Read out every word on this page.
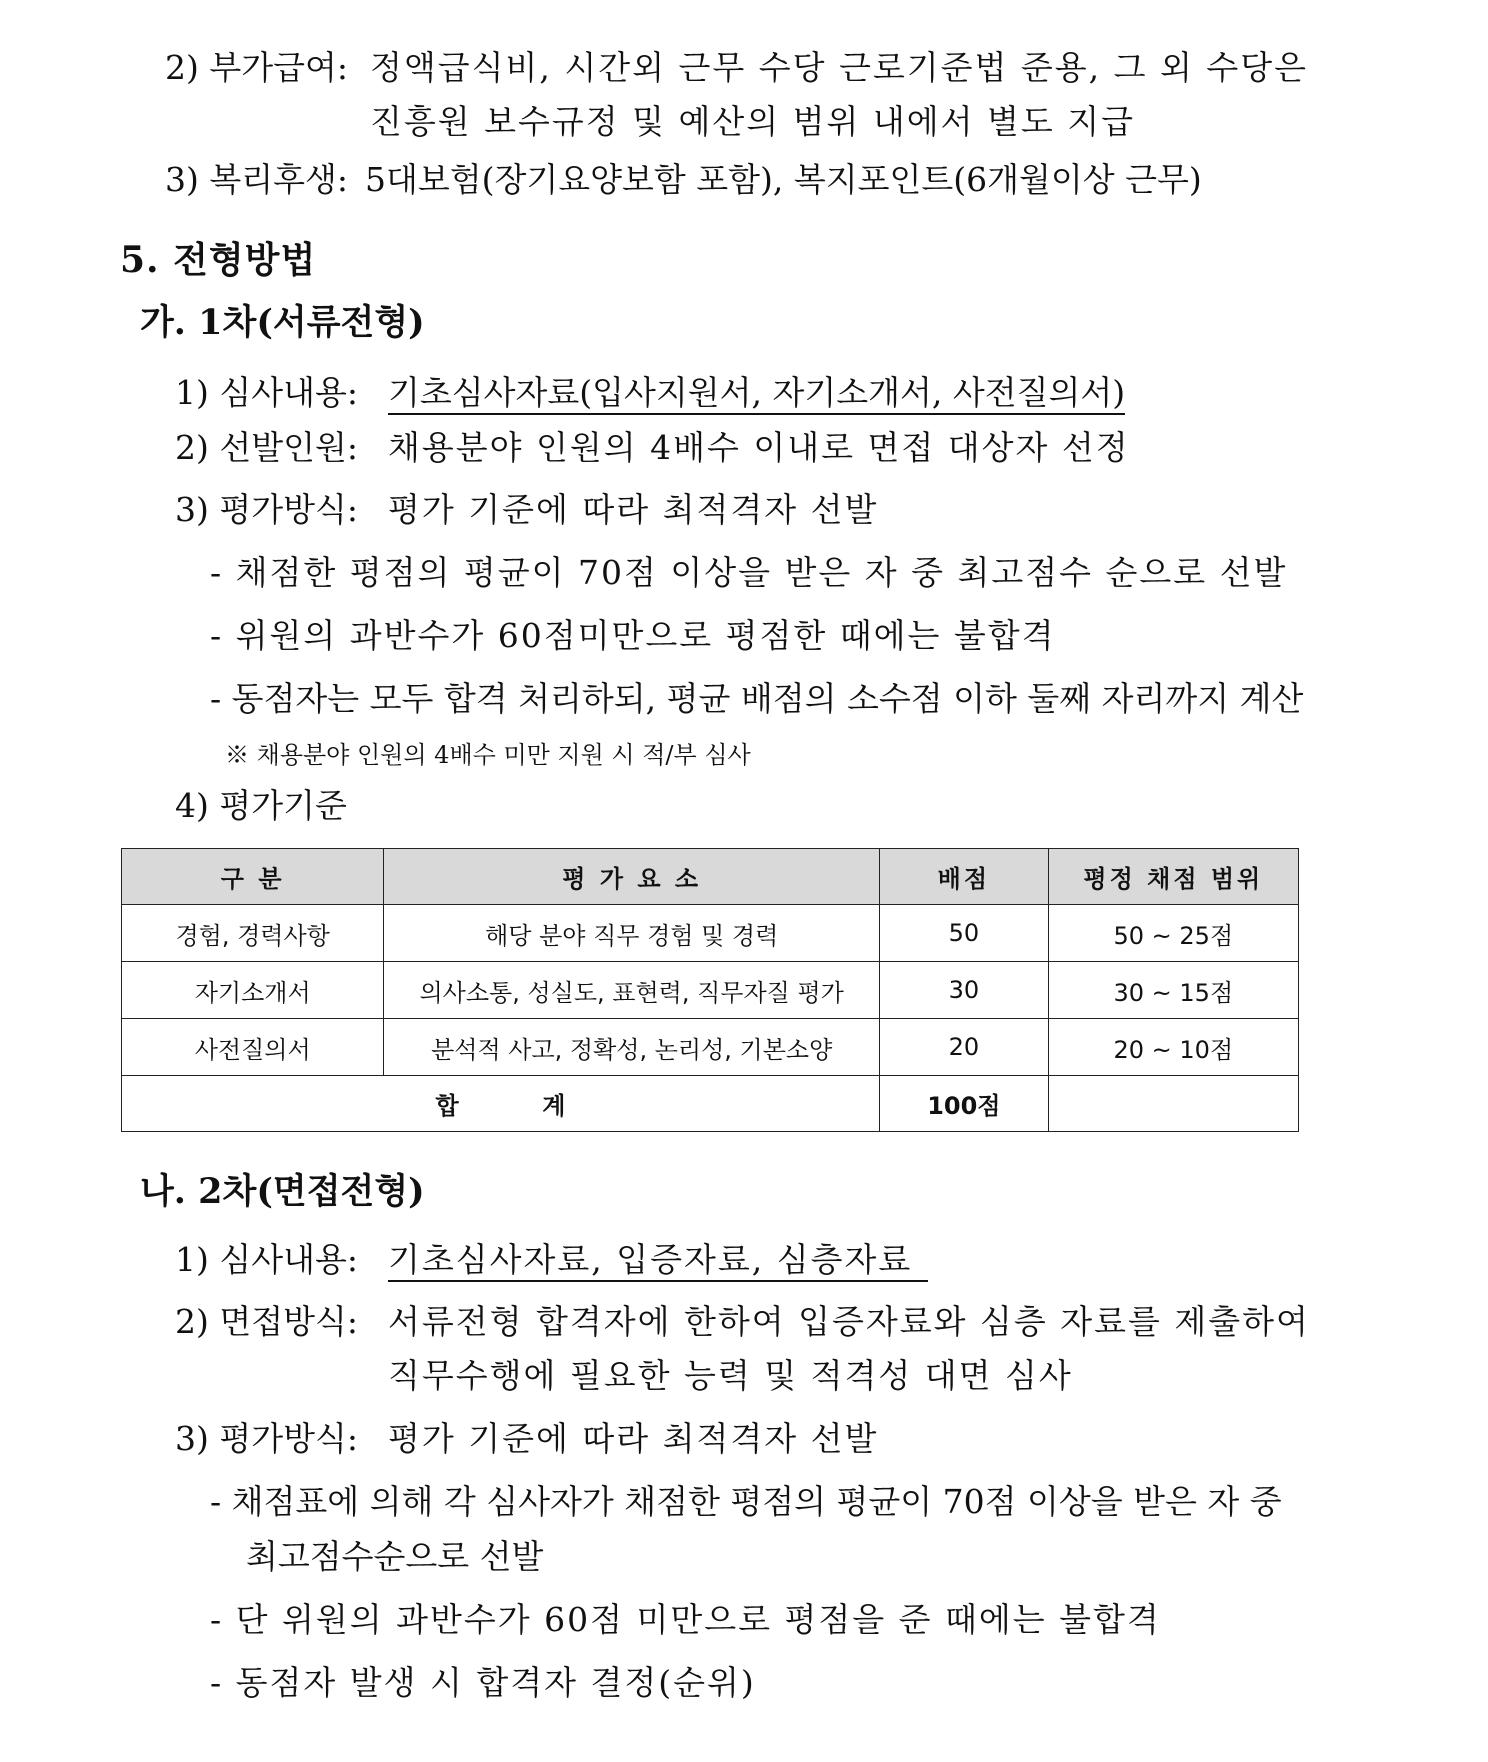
2) 부가급여: 정액급식비, 시간외 근무 수당 근로기준법 준용, 그 외 수당은
진흥원 보수규정 및 예산의 범위 내에서 별도 지급
3) 복리후생: 5대보험(장기요양보함 포함), 복지포인트(6개월이상 근무)
5. 전형방법
가. 1차(서류전형)
1) 심사내용: 기초심사자료(입사지원서, 자기소개서, 사전질의서)
2) 선발인원: 채용분야 인원의 4배수 이내로 면접 대상자 선정
3) 평가방식: 평가 기준에 따라 최적격자 선발
- 채점한 평점의 평균이 70점 이상을 받은 자 중 최고점수 순으로 선발
- 위원의 과반수가 60점미만으로 평점한 때에는 불합격
- 동점자는 모두 합격 처리하되, 평균 배점의 소수점 이하 둘째 자리까지 계산
※ 채용분야 인원의 4배수 미만 지원 시 적/부 심사
4) 평가기준
구 분	평 가 요 소	배점	평정 채점 범위
경험, 경력사항	해당 분야 직무 경험 및 경력	50	50 ~ 25점
자기소개서	의사소통, 성실도, 표현력, 직무자질 평가	30	30 ~ 15점
사전질의서	분석적 사고, 정확성, 논리성, 기본소양	20	20 ~ 10점
합          계		100점	
나. 2차(면접전형)
1) 심사내용: 기초심사자료, 입증자료, 심층자료
2) 면접방식: 서류전형 합격자에 한하여 입증자료와 심층 자료를 제출하여
직무수행에 필요한 능력 및 적격성 대면 심사
3) 평가방식: 평가 기준에 따라 최적격자 선발
- 채점표에 의해 각 심사자가 채점한 평점의 평균이 70점 이상을 받은 자 중
최고점수순으로 선발
- 단 위원의 과반수가 60점 미만으로 평점을 준 때에는 불합격
- 동점자 발생 시 합격자 결정(순위)
